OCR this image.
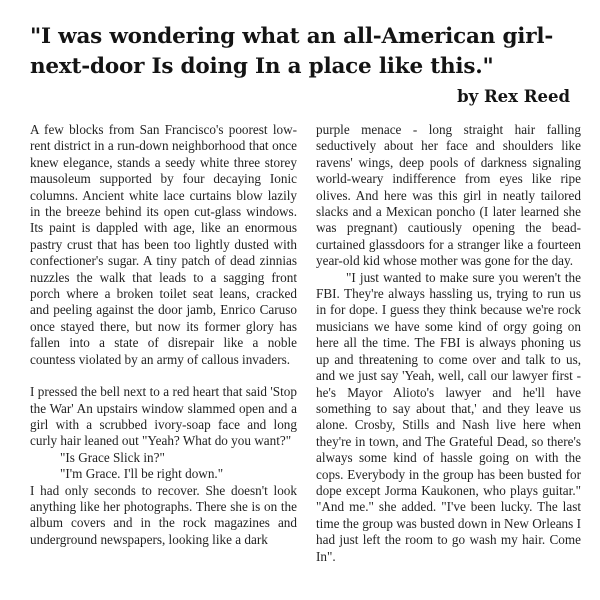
"I was wondering what an all-American girl-next-door Is doing In a place like this."
by Rex Reed

A few blocks from San Francisco's poorest low-rent district in a run-down neighborhood that once knew elegance, stands a seedy white three storey mausoleum supported by four decaying Ionic columns. Ancient white lace curtains blow lazily in the breeze behind its open cut-glass windows. Its paint is dappled with age, like an enormous pastry crust that has been too lightly dusted with confectioner's sugar. A tiny patch of dead zinnias nuzzles the walk that leads to a sagging front porch where a broken toilet seat leans, cracked and peeling against the door jamb, Enrico Caruso once stayed there, but now its former glory has fallen into a state of disrepair like a noble countess violated by an army of callous invaders.

I pressed the bell next to a red heart that said 'Stop the War' An upstairs window slammed open and a girl with a scrubbed ivory-soap face and long curly hair leaned out "Yeah? What do you want?"

"Is Grace Slick in?"

"I'm Grace. I'll be right down."

I had only seconds to recover. She doesn't look anything like her photographs. There she is on the album covers and in the rock magazines and underground newspapers, looking like a dark

purple menace - long straight hair falling seductively about her face and shoulders like ravens' wings, deep pools of darkness signaling world-weary indifference from eyes like ripe olives. And here was this girl in neatly tailored slacks and a Mexican poncho (I later learned she was pregnant) cautiously opening the bead-curtained glassdoors for a stranger like a fourteen year-old kid whose mother was gone for the day.

"I just wanted to make sure you weren't the FBI. They're always hassling us, trying to run us in for dope. I guess they think because we're rock musicians we have some kind of orgy going on here all the time. The FBI is always phoning us up and threatening to come over and talk to us, and we just say 'Yeah, well, call our lawyer first - he's Mayor Alioto's lawyer and he'll have something to say about that,' and they leave us alone. Crosby, Stills and Nash live here when they're in town, and The Grateful Dead, so there's always some kind of hassle going on with the cops. Everybody in the group has been busted for dope except Jorma Kaukonen, who plays guitar." "And me." she added. "I've been lucky. The last time the group was busted down in New Orleans I had just left the room to go wash my hair. Come In".
